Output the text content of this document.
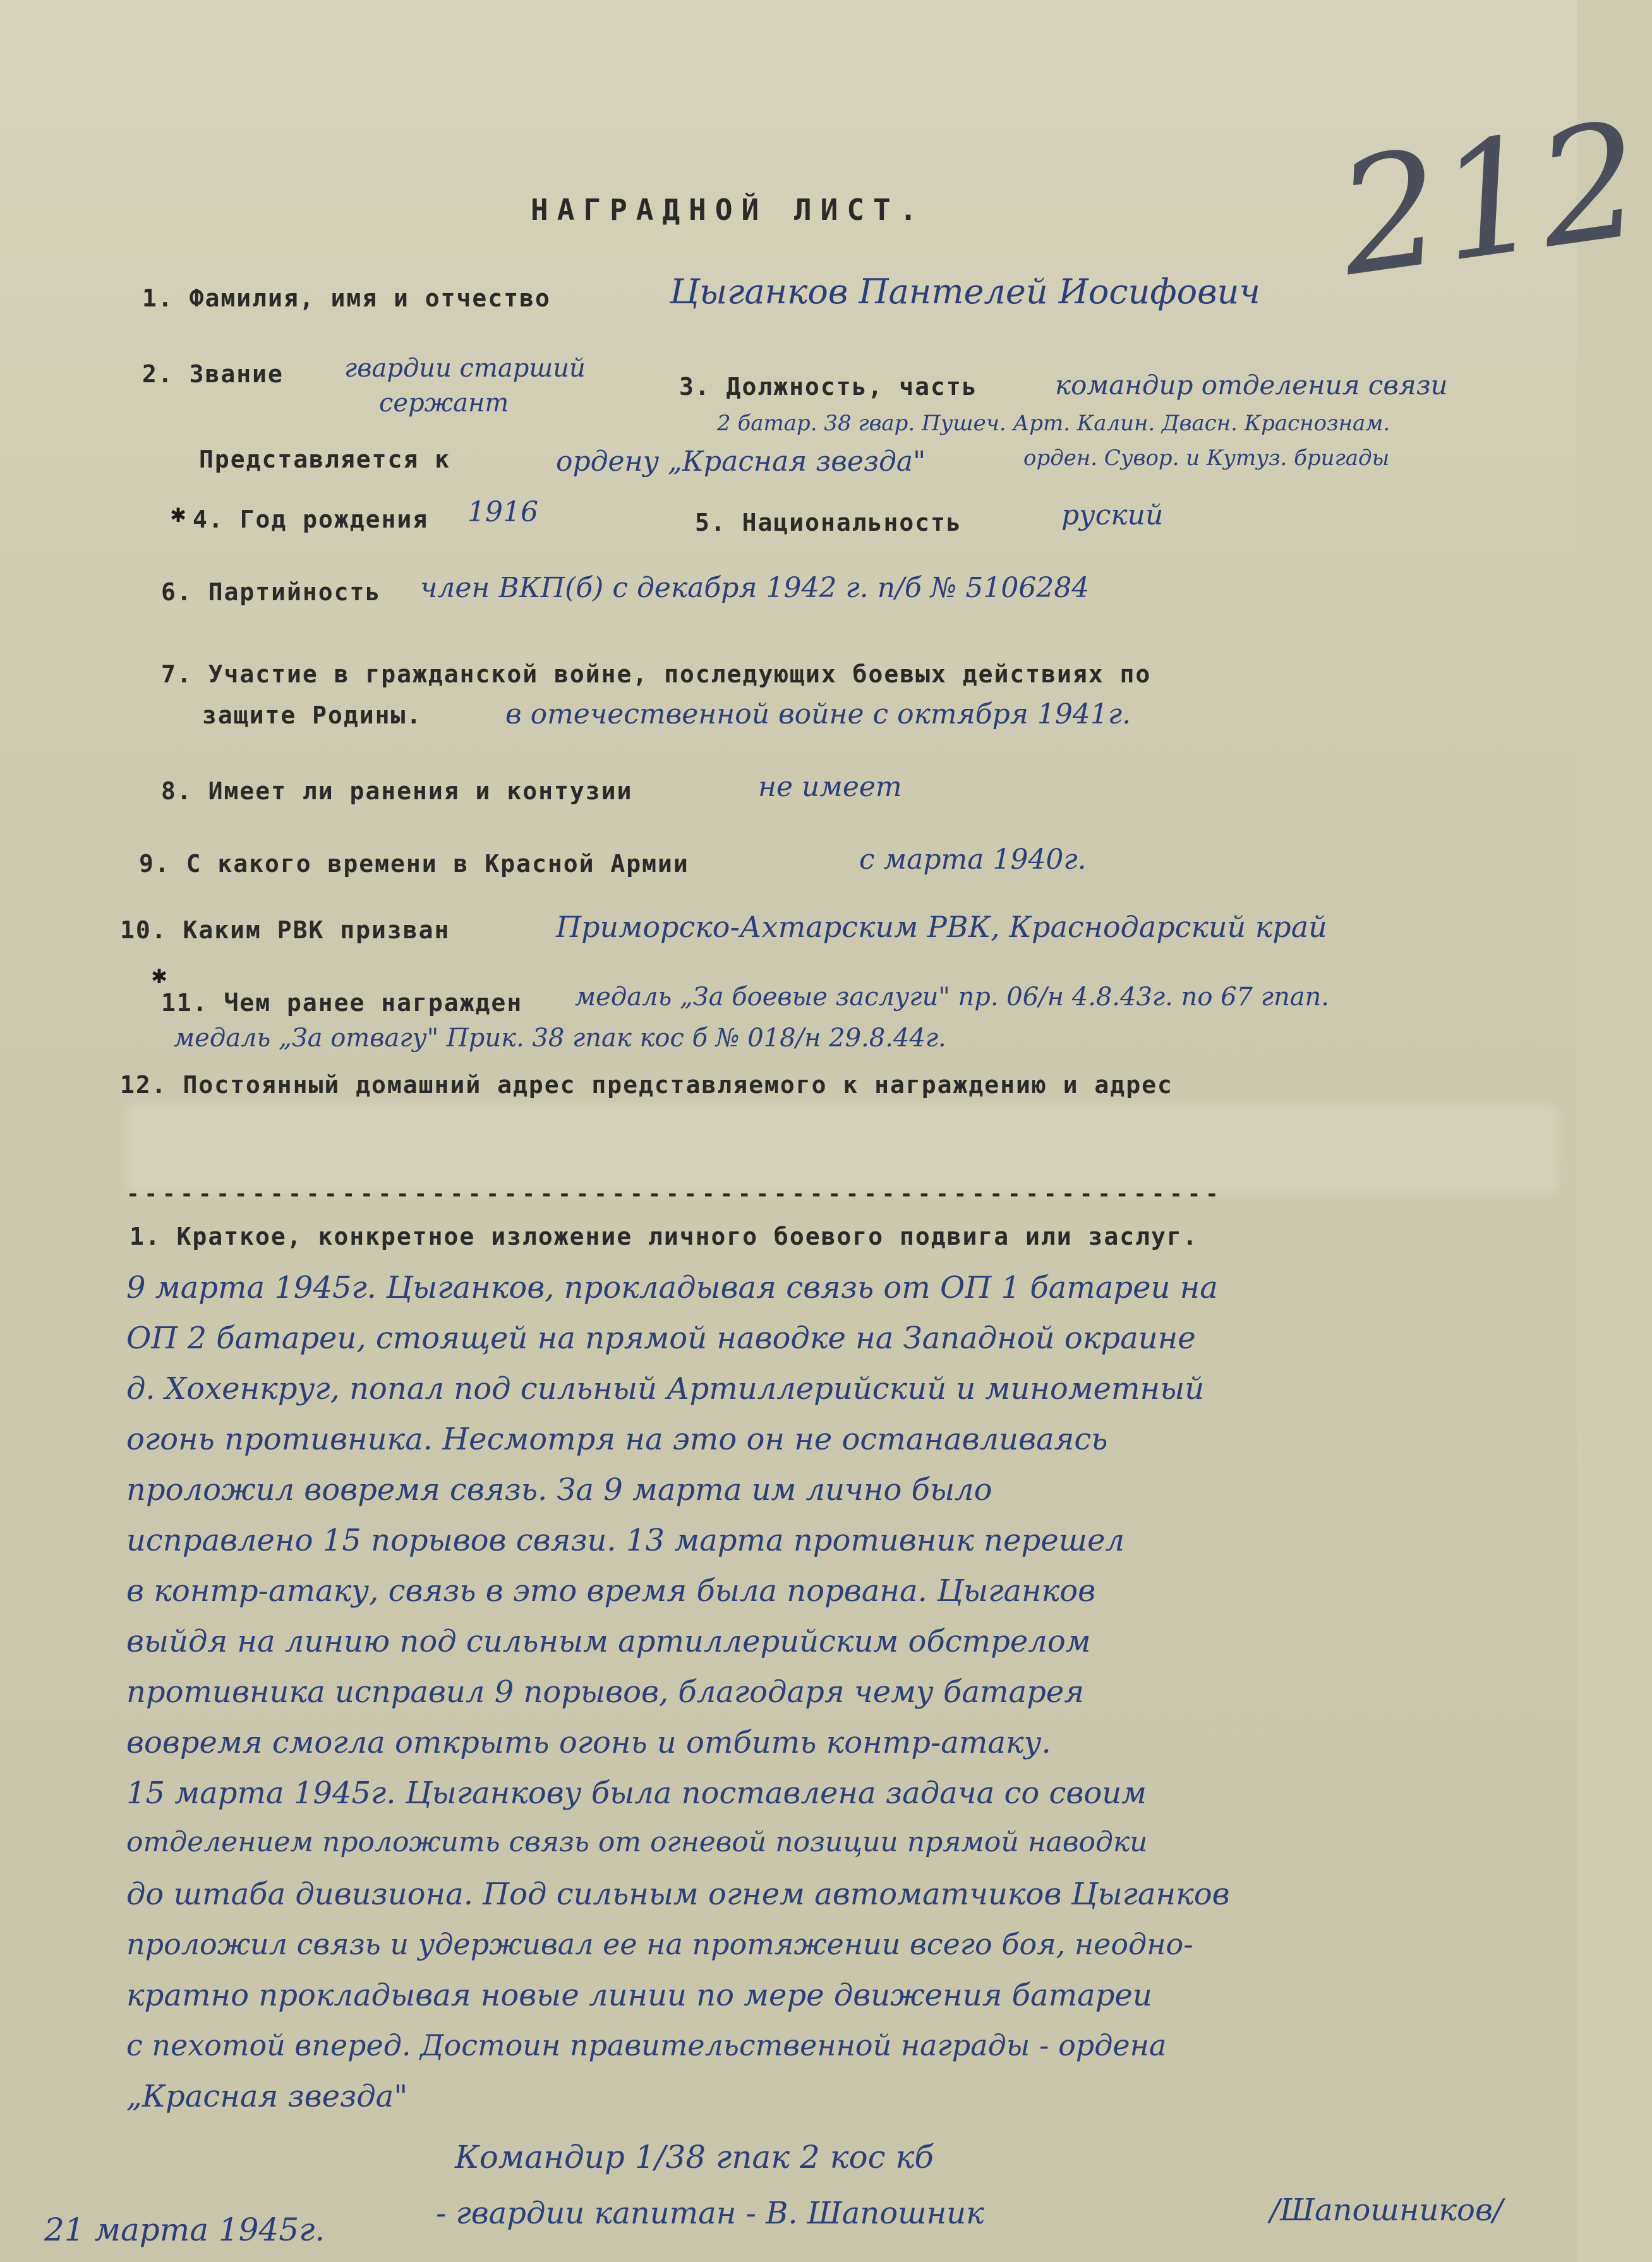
212
НАГРАДНОЙ ЛИСТ.
1. Фамилия, имя и отчество	Цыганков Пантелей Иосифович
2. Звание гвардии старший
сержант
3. Должность, часть	командир отделения связи
2 батар. 38 гвар. Пушеч. Арт. Калин. Двасн. Краснознам.
орден. Сувор. и Кутуз. бригады
Представляется к	ордену „Красная звезда"
✱ 4. Год рождения 1916	5. Национальность	руский
6. Партийность член ВКП(б) с декабря 1942 г. п/б № 5106284
7. Участие в гражданской войне, последующих боевых действиях по
защите Родины.	в отечественной войне с октября 1941г.
8. Имеет ли ранения и контузии	не имеет
9. С какого времени в Красной Армии	с марта 1940г.
10. Каким РВК призван	Приморско-Ахтарским РВК, Краснодарский край
✱
11. Чем ранее награжден медаль „За боевые заслуги" пр. 06/н 4.8.43г. по 67 гпап.
медаль „За отвагу" Прик. 38 гпак кос б № 018/н 29.8.44г.
12. Постоянный домашний адрес представляемого к награждению и адрес
-------------------------------------------------------------
1. Краткое, конкретное изложение личного боевого подвига или заслуг.
9 марта 1945г. Цыганков, прокладывая связь от ОП 1 батареи на
ОП 2 батареи, стоящей на прямой наводке на Западной окраине
д. Хохенкруг, попал под сильный Артиллерийский и минометный
огонь противника. Несмотря на это он не останавливаясь
проложил вовремя связь. За 9 марта им лично было
исправлено 15 порывов связи. 13 марта противник перешел
в контр-атаку, связь в это время была порвана. Цыганков
выйдя на линию под сильным артиллерийским обстрелом
противника исправил 9 порывов, благодаря чему батарея
вовремя смогла открыть огонь и отбить контр-атаку.
15 марта 1945г. Цыганкову была поставлена задача со своим
отделением проложить связь от огневой позиции прямой наводки
до штаба дивизиона. Под сильным огнем автоматчиков Цыганков
проложил связь и удерживал ее на протяжении всего боя, неодно-
кратно прокладывая новые линии по мере движения батареи
с пехотой вперед. Достоин правительственной награды - ордена
„Красная звезда"
Командир 1/38 гпак 2 кос кб
- гвардии капитан - В. Шапошник	/Шапошников/
21 марта 1945г.
